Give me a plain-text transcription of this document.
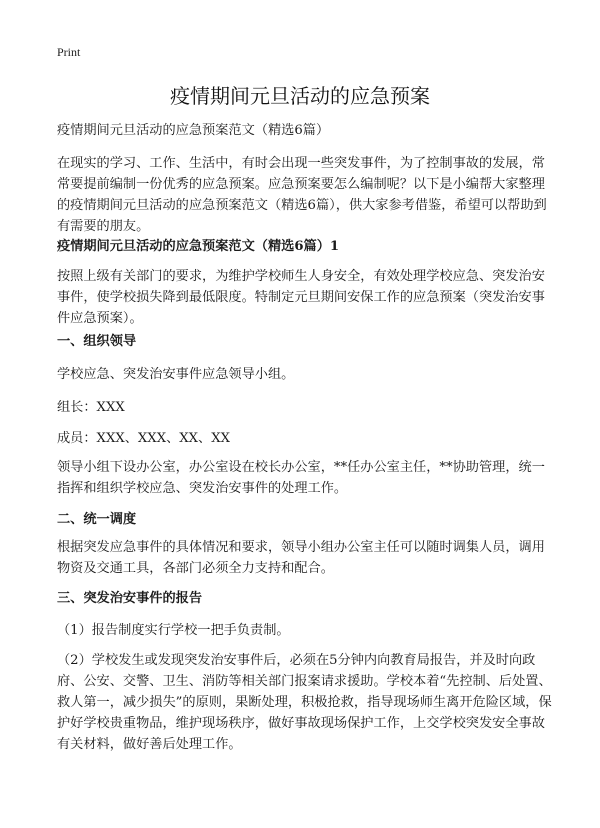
Print
疫情期间元旦活动的应急预案

疫情期间元旦活动的应急预案范文（精选6篇）

在现实的学习、工作、生活中，有时会出现一些突发事件，为了控制事故的发展，常常要提前编制一份优秀的应急预案。应急预案要怎么编制呢？以下是小编帮大家整理的疫情期间元旦活动的应急预案范文（精选6篇），供大家参考借鉴，希望可以帮助到有需要的朋友。

疫情期间元旦活动的应急预案范文（精选6篇）1

按照上级有关部门的要求，为维护学校师生人身安全，有效处理学校应急、突发治安事件，使学校损失降到最低限度。特制定元旦期间安保工作的应急预案（突发治安事件应急预案）。

一、组织领导

学校应急、突发治安事件应急领导小组。

组长：XXX

成员：XXX、XXX、XX、XX

领导小组下设办公室，办公室设在校长办公室，**任办公室主任，**协助管理，统一指挥和组织学校应急、突发治安事件的处理工作。

二、统一调度

根据突发应急事件的具体情况和要求，领导小组办公室主任可以随时调集人员，调用物资及交通工具，各部门必须全力支持和配合。

三、突发治安事件的报告

（1）报告制度实行学校一把手负责制。

（2）学校发生或发现突发治安事件后，必须在5分钟内向教育局报告，并及时向政府、公安、交警、卫生、消防等相关部门报案请求援助。学校本着“先控制、后处置、救人第一，减少损失”的原则，果断处理，积极抢救，指导现场师生离开危险区域，保护好学校贵重物品，维护现场秩序，做好事故现场保护工作，上交学校突发安全事故有关材料，做好善后处理工作。
